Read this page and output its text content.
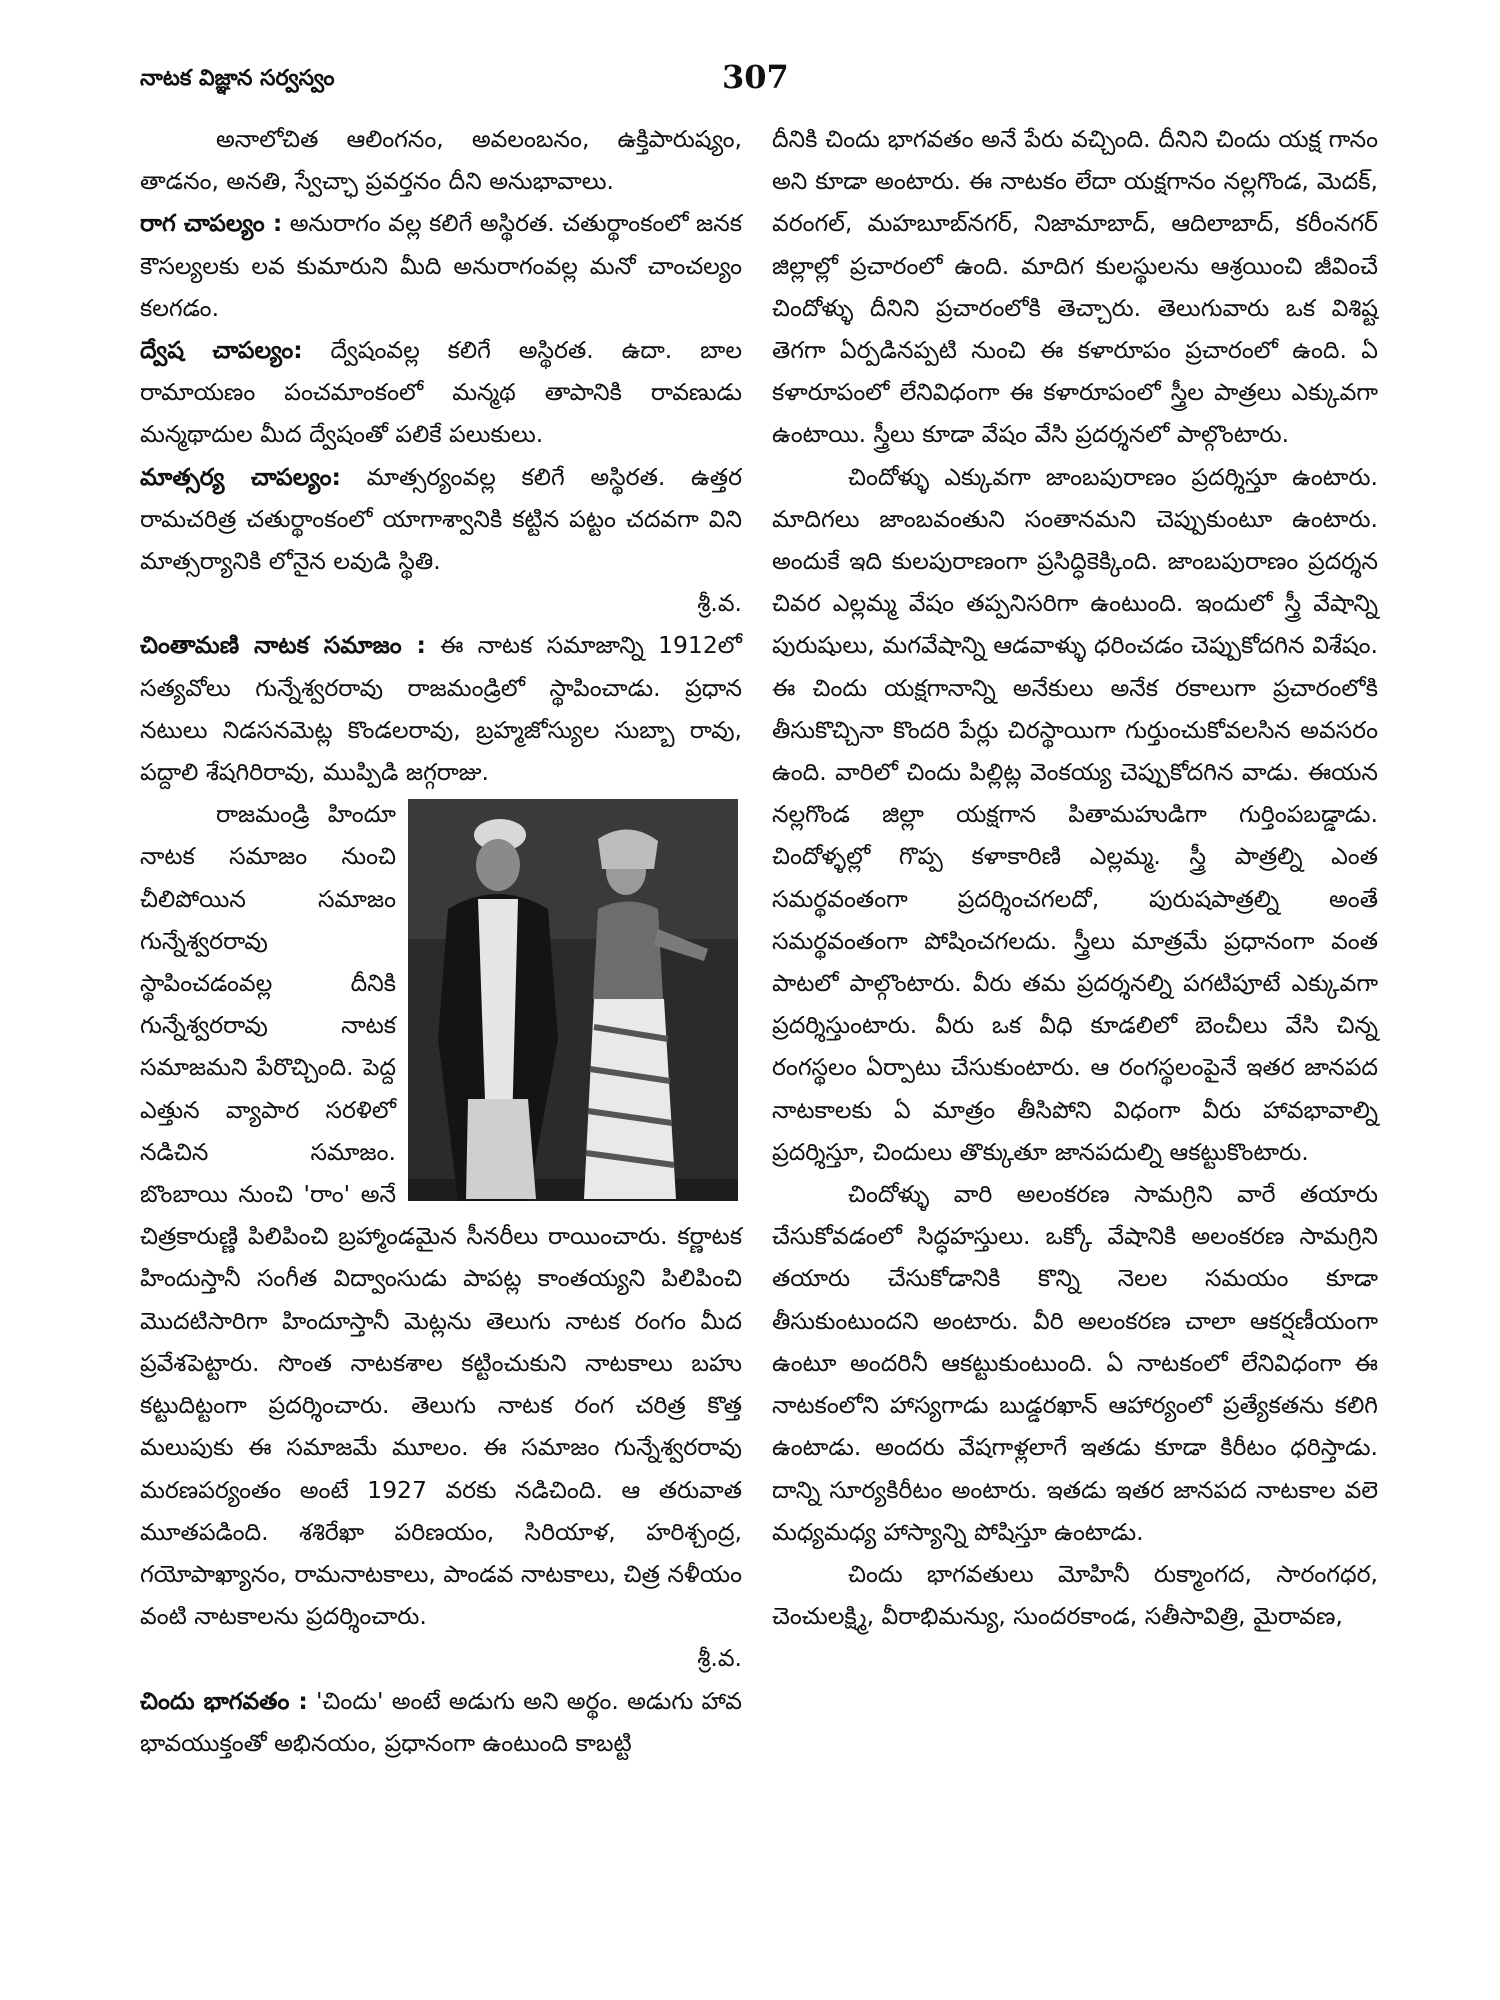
నాటక విజ్ఞాన సర్వస్వం	307

అనాలోచిత ఆలింగనం, అవలంబనం, ఉక్తిపారుష్యం, తాడనం, అనతి, స్వేచ్ఛా ప్రవర్తనం దీని అనుభావాలు.

రాగ చాపల్యం : అనురాగం వల్ల కలిగే అస్థిరత. చతుర్థాంకంలో జనక కౌసల్యలకు లవ కుమారుని మీది అనురాగంవల్ల మనో చాంచల్యం కలగడం.

ద్వేష చాపల్యం: ద్వేషంవల్ల కలిగే అస్థిరత. ఉదా. బాల రామాయణం పంచమాంకంలో మన్మథ తాపానికి రావణుడు మన్మథాదుల మీద ద్వేషంతో పలికే పలుకులు.

మాత్సర్య చాపల్యం: మాత్సర్యంవల్ల కలిగే అస్థిరత. ఉత్తర రామచరిత్ర చతుర్థాంకంలో యాగాశ్వానికి కట్టిన పట్టం చదవగా విని మాత్సర్యానికి లోనైన లవుడి స్థితి.

శ్రీ.వ.

చింతామణి నాటక సమాజం : ఈ నాటక సమాజాన్ని 1912లో సత్యవోలు గున్నేశ్వరరావు రాజమండ్రిలో స్థాపించాడు. ప్రధాన నటులు నిడసనమెట్ల కొండలరావు, బ్రహ్మజోస్యుల సుబ్బా రావు, పద్దాలి శేషగిరిరావు, ముప్పిడి జగ్గరాజు.

రాజమండ్రి హిందూ నాటక సమాజం నుంచి చీలిపోయిన సమాజం గున్నేశ్వరరావు స్థాపించడంవల్ల దీనికి గున్నేశ్వరరావు నాటక సమాజమని పేరొచ్చింది. పెద్ద ఎత్తున వ్యాపార సరళిలో నడిచిన సమాజం. బొంబాయి నుంచి 'రాం' అనే చిత్రకారుణ్ణి పిలిపించి బ్రహ్మాండమైన సీనరీలు రాయించారు. కర్ణాటక హిందుస్తానీ సంగీత విద్వాంసుడు పాపట్ల కాంతయ్యని పిలిపించి మొదటిసారిగా హిందూస్తానీ మెట్లను తెలుగు నాటక రంగం మీద ప్రవేశపెట్టారు. సొంత నాటకశాల కట్టించుకుని నాటకాలు బహు కట్టుదిట్టంగా ప్రదర్శించారు. తెలుగు నాటక రంగ చరిత్ర కొత్త మలుపుకు ఈ సమాజమే మూలం. ఈ సమాజం గున్నేశ్వరరావు మరణపర్యంతం అంటే 1927 వరకు నడిచింది. ఆ తరువాత మూతపడింది. శశిరేఖా పరిణయం, సిరియాళ, హరిశ్చంద్ర, గయోపాఖ్యానం, రామనాటకాలు, పాండవ నాటకాలు, చిత్ర నళీయం వంటి నాటకాలను ప్రదర్శించారు.

శ్రీ.వ.

చిందు భాగవతం : 'చిందు' అంటే అడుగు అని అర్థం. అడుగు హావ భావయుక్తంతో అభినయం, ప్రధానంగా ఉంటుంది కాబట్టి

దీనికి చిందు భాగవతం అనే పేరు వచ్చింది. దీనిని చిందు యక్ష గానం అని కూడా అంటారు. ఈ నాటకం లేదా యక్షగానం నల్లగొండ, మెదక్, వరంగల్, మహబూబ్‌నగర్, నిజామాబాద్, ఆదిలాబాద్, కరీంనగర్ జిల్లాల్లో ప్రచారంలో ఉంది. మాదిగ కులస్థులను ఆశ్రయించి జీవించే చిందోళ్ళు దీనిని ప్రచారంలోకి తెచ్చారు. తెలుగువారు ఒక విశిష్ట తెగగా ఏర్పడినప్పటి నుంచి ఈ కళారూపం ప్రచారంలో ఉంది. ఏ కళారూపంలో లేనివిధంగా ఈ కళారూపంలో స్త్రీల పాత్రలు ఎక్కువగా ఉంటాయి. స్త్రీలు కూడా వేషం వేసి ప్రదర్శనలో పాల్గొంటారు.

చిందోళ్ళు ఎక్కువగా జాంబపురాణం ప్రదర్శిస్తూ ఉంటారు. మాదిగలు జాంబవంతుని సంతానమని చెప్పుకుంటూ ఉంటారు. అందుకే ఇది కులపురాణంగా ప్రసిద్ధికెక్కింది. జాంబపురాణం ప్రదర్శన చివర ఎల్లమ్మ వేషం తప్పనిసరిగా ఉంటుంది. ఇందులో స్త్రీ వేషాన్ని పురుషులు, మగవేషాన్ని ఆడవాళ్ళు ధరించడం చెప్పుకోదగిన విశేషం. ఈ చిందు యక్షగానాన్ని అనేకులు అనేక రకాలుగా ప్రచారంలోకి తీసుకొచ్చినా కొందరి పేర్లు చిరస్థాయిగా గుర్తుంచుకోవలసిన అవసరం ఉంది. వారిలో చిందు పిల్లిట్ల వెంకయ్య చెప్పుకోదగిన వాడు. ఈయన నల్లగొండ జిల్లా యక్షగాన పితామహుడిగా గుర్తింపబడ్డాడు. చిందోళ్ళల్లో గొప్ప కళాకారిణి ఎల్లమ్మ. స్త్రీ పాత్రల్ని ఎంత సమర్థవంతంగా ప్రదర్శించగలదో, పురుషపాత్రల్ని అంతే సమర్థవంతంగా పోషించగలదు. స్త్రీలు మాత్రమే ప్రధానంగా వంత పాటలో పాల్గొంటారు. వీరు తమ ప్రదర్శనల్ని పగటిపూటే ఎక్కువగా ప్రదర్శిస్తుంటారు. వీరు ఒక వీధి కూడలిలో బెంచీలు వేసి చిన్న రంగస్థలం ఏర్పాటు చేసుకుంటారు. ఆ రంగస్థలంపైనే ఇతర జానపద నాటకాలకు ఏ మాత్రం తీసిపోని విధంగా వీరు హావభావాల్ని ప్రదర్శిస్తూ, చిందులు తొక్కుతూ జానపదుల్ని ఆకట్టుకొంటారు.

చిందోళ్ళు వారి అలంకరణ సామగ్రిని వారే తయారు చేసుకోవడంలో సిద్ధహస్తులు. ఒక్కో వేషానికి అలంకరణ సామగ్రిని తయారు చేసుకోడానికి కొన్ని నెలల సమయం కూడా తీసుకుంటుందని అంటారు. వీరి అలంకరణ చాలా ఆకర్షణీయంగా ఉంటూ అందరినీ ఆకట్టుకుంటుంది. ఏ నాటకంలో లేనివిధంగా ఈ నాటకంలోని హాస్యగాడు బుడ్డరఖాన్ ఆహార్యంలో ప్రత్యేకతను కలిగి ఉంటాడు. అందరు వేషగాళ్లలాగే ఇతడు కూడా కిరీటం ధరిస్తాడు. దాన్ని సూర్యకిరీటం అంటారు. ఇతడు ఇతర జానపద నాటకాల వలె మధ్యమధ్య హాస్యాన్ని పోషిస్తూ ఉంటాడు.

చిందు భాగవతులు మోహినీ రుక్మాంగద, సారంగధర, చెంచులక్ష్మి, వీరాభిమన్యు, సుందరకాండ, సతీసావిత్రి, మైరావణ,
